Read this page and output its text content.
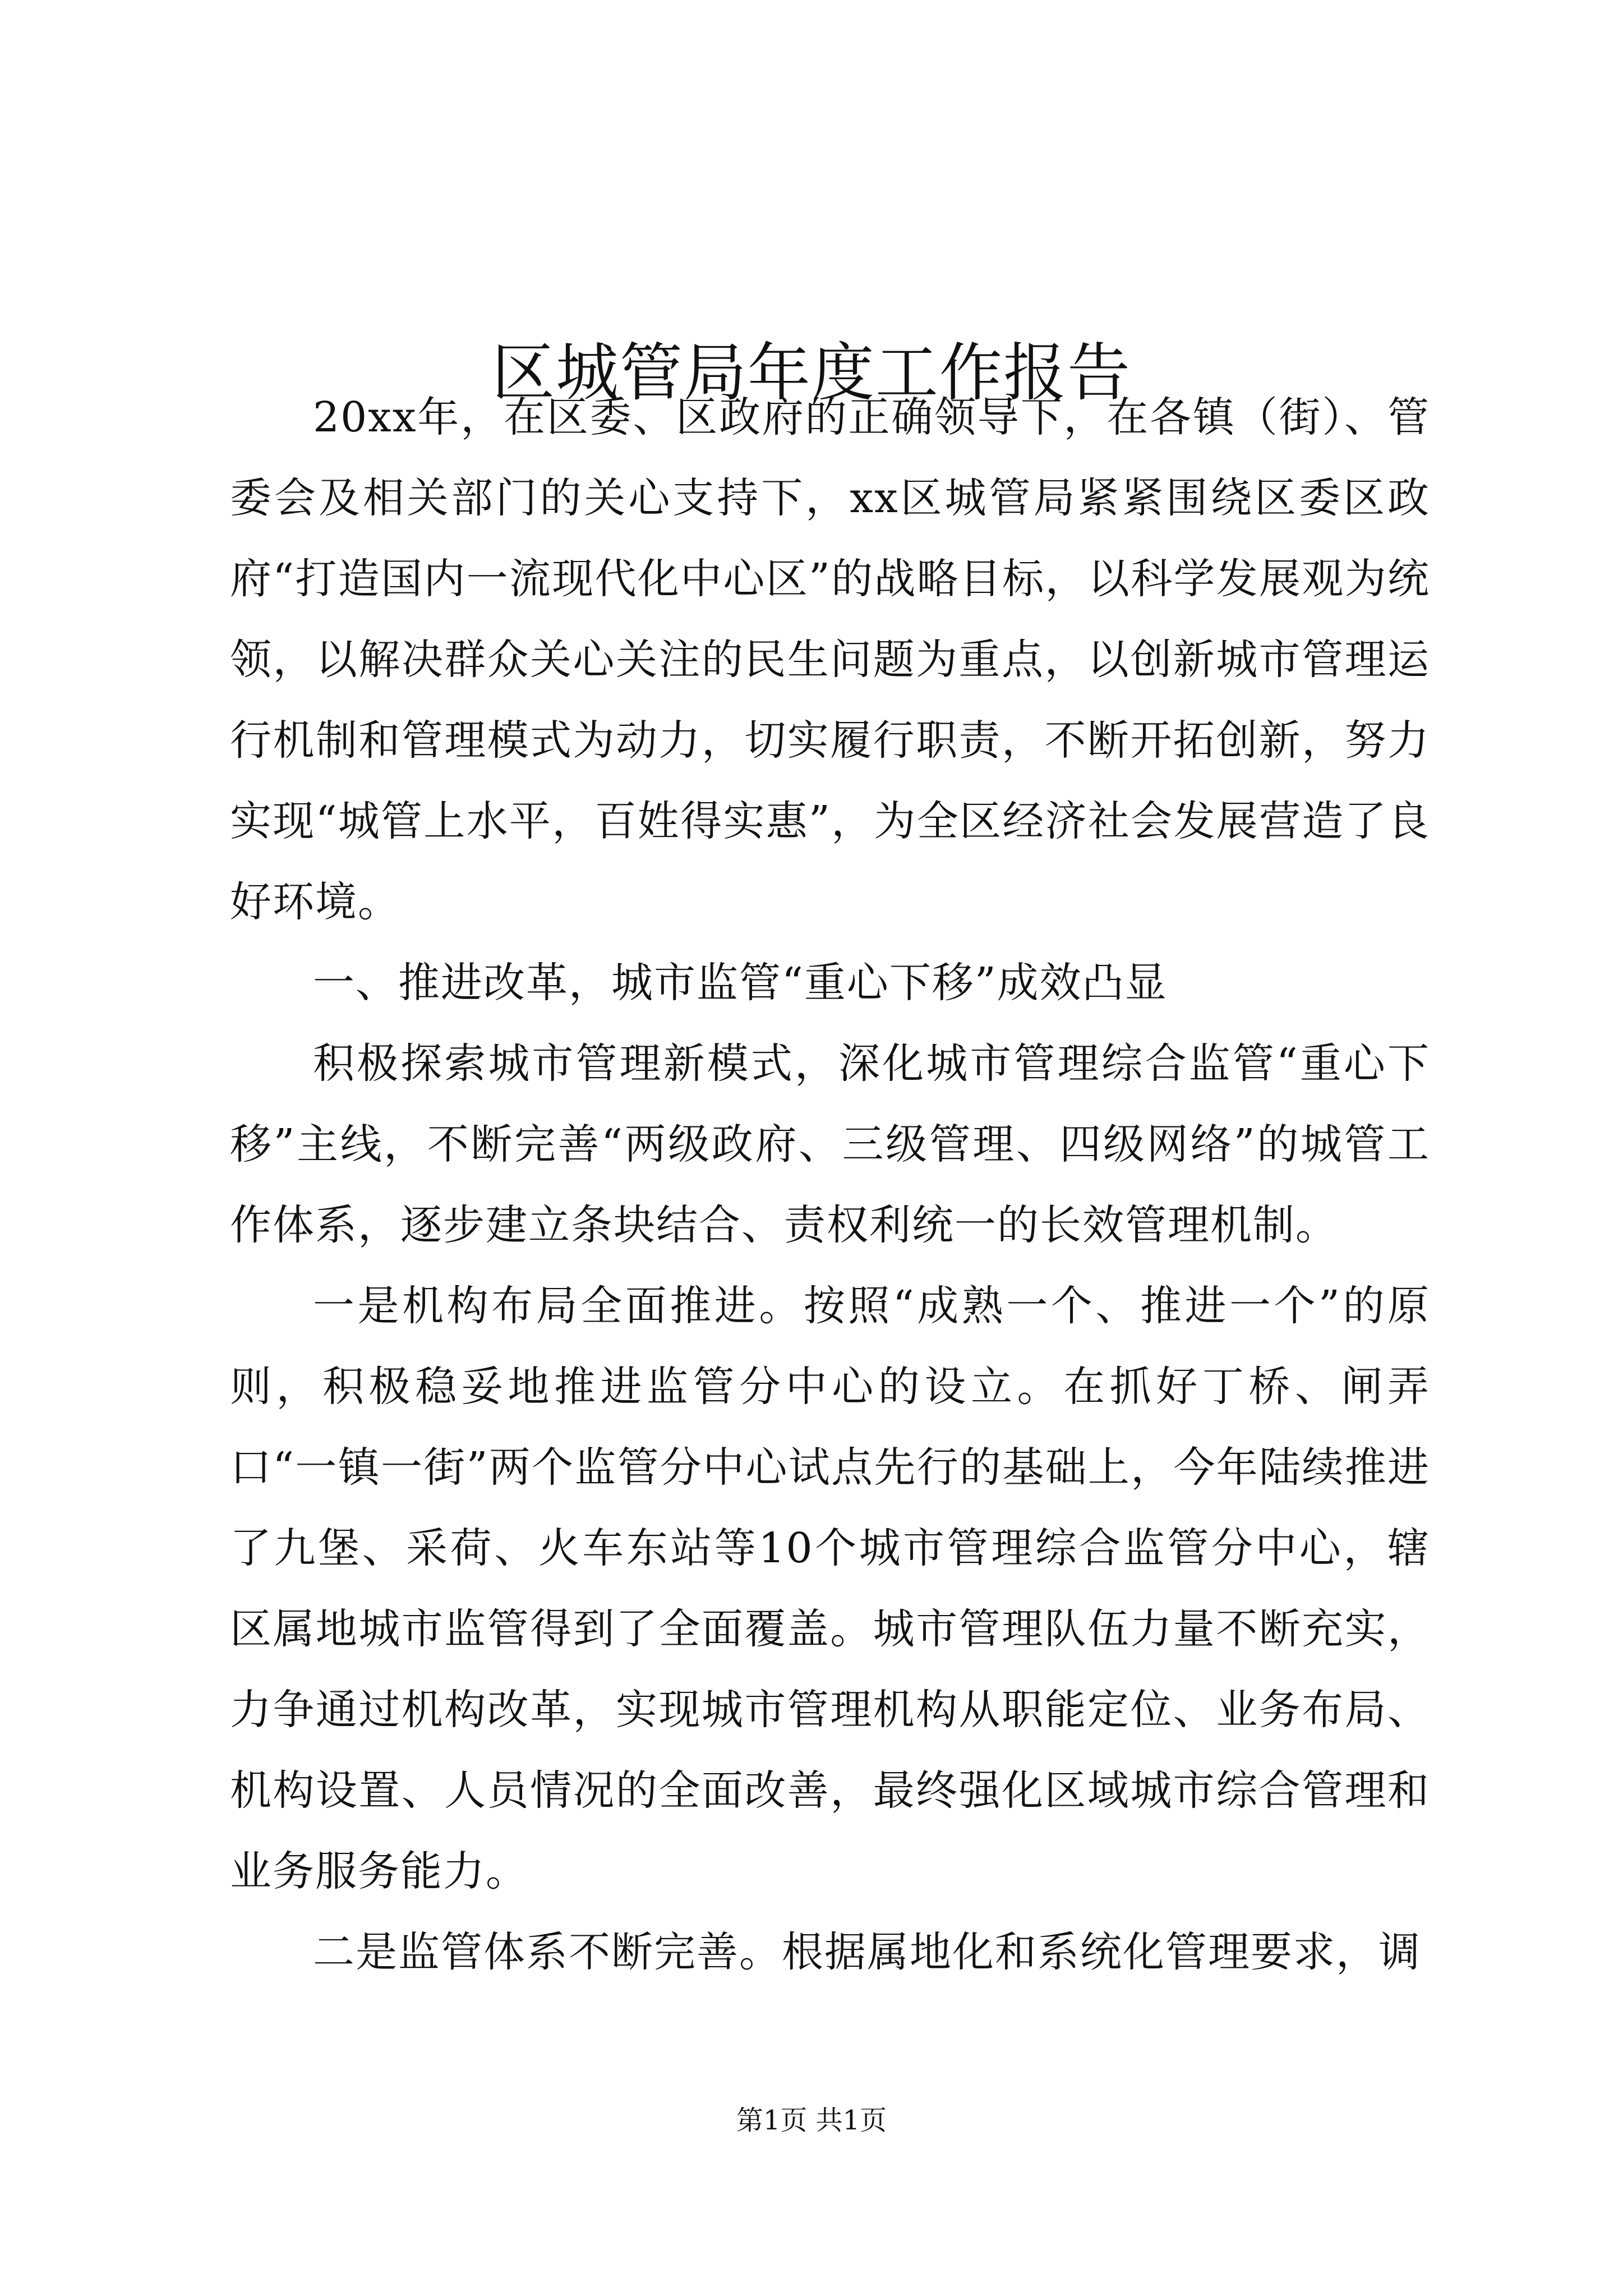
区城管局年度工作报告

20xx年，在区委、区政府的正确领导下，在各镇（街）、管委会及相关部门的关心支持下，xx区城管局紧紧围绕区委区政府“打造国内一流现代化中心区”的战略目标，以科学发展观为统领，以解决群众关心关注的民生问题为重点，以创新城市管理运行机制和管理模式为动力，切实履行职责，不断开拓创新，努力实现“城管上水平，百姓得实惠”，为全区经济社会发展营造了良好环境。

一、推进改革，城市监管“重心下移”成效凸显

积极探索城市管理新模式，深化城市管理综合监管“重心下移”主线，不断完善“两级政府、三级管理、四级网络”的城管工作体系，逐步建立条块结合、责权利统一的长效管理机制。

一是机构布局全面推进。按照“成熟一个、推进一个”的原则，积极稳妥地推进监管分中心的设立。在抓好丁桥、闸弄口“一镇一街”两个监管分中心试点先行的基础上，今年陆续推进了九堡、采荷、火车东站等10个城市管理综合监管分中心，辖区属地城市监管得到了全面覆盖。城市管理队伍力量不断充实，力争通过机构改革，实现城市管理机构从职能定位、业务布局、机构设置、人员情况的全面改善，最终强化区域城市综合管理和业务服务能力。

二是监管体系不断完善。根据属地化和系统化管理要求，调

第1页 共1页
